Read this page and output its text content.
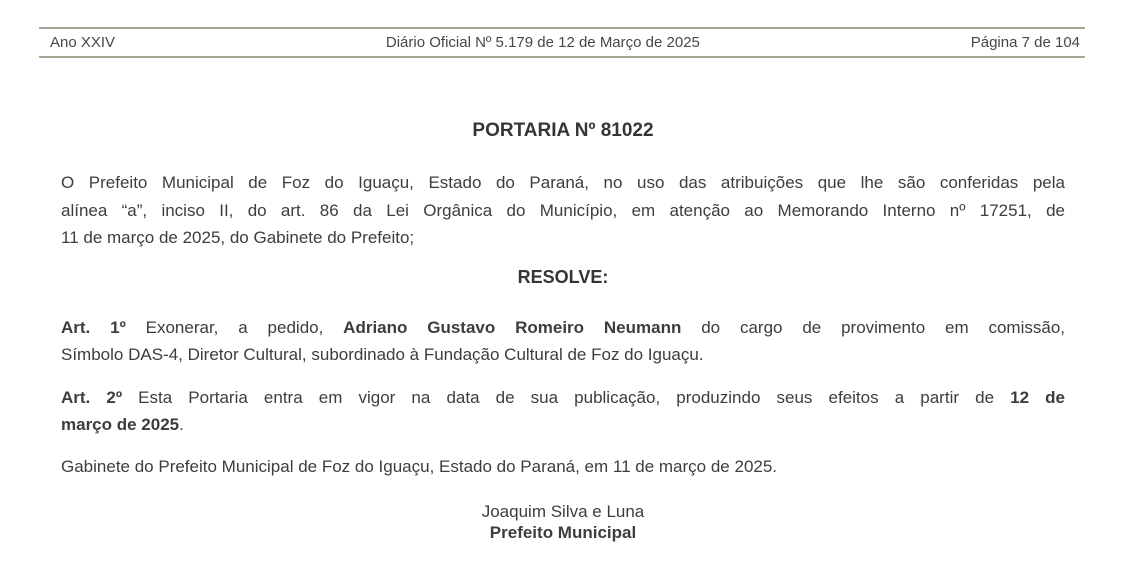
Ano XXIV	Diário Oficial Nº 5.179 de 12 de Março de 2025	Página 7 de 104
PORTARIA Nº 81022
O Prefeito Municipal de Foz do Iguaçu, Estado do Paraná, no uso das atribuições que lhe são conferidas pela
alínea “a”, inciso II, do art. 86 da Lei Orgânica do Município, em atenção ao Memorando Interno nº 17251, de
11 de março de 2025, do Gabinete do Prefeito;
RESOLVE:
Art. 1º Exonerar, a pedido, Adriano Gustavo Romeiro Neumann do cargo de provimento em comissão,
Símbolo DAS-4, Diretor Cultural, subordinado à Fundação Cultural de Foz do Iguaçu.
Art. 2º Esta Portaria entra em vigor na data de sua publicação, produzindo seus efeitos a partir de 12 de
março de 2025.
Gabinete do Prefeito Municipal de Foz do Iguaçu, Estado do Paraná, em 11 de março de 2025.
Joaquim Silva e Luna
Prefeito Municipal
